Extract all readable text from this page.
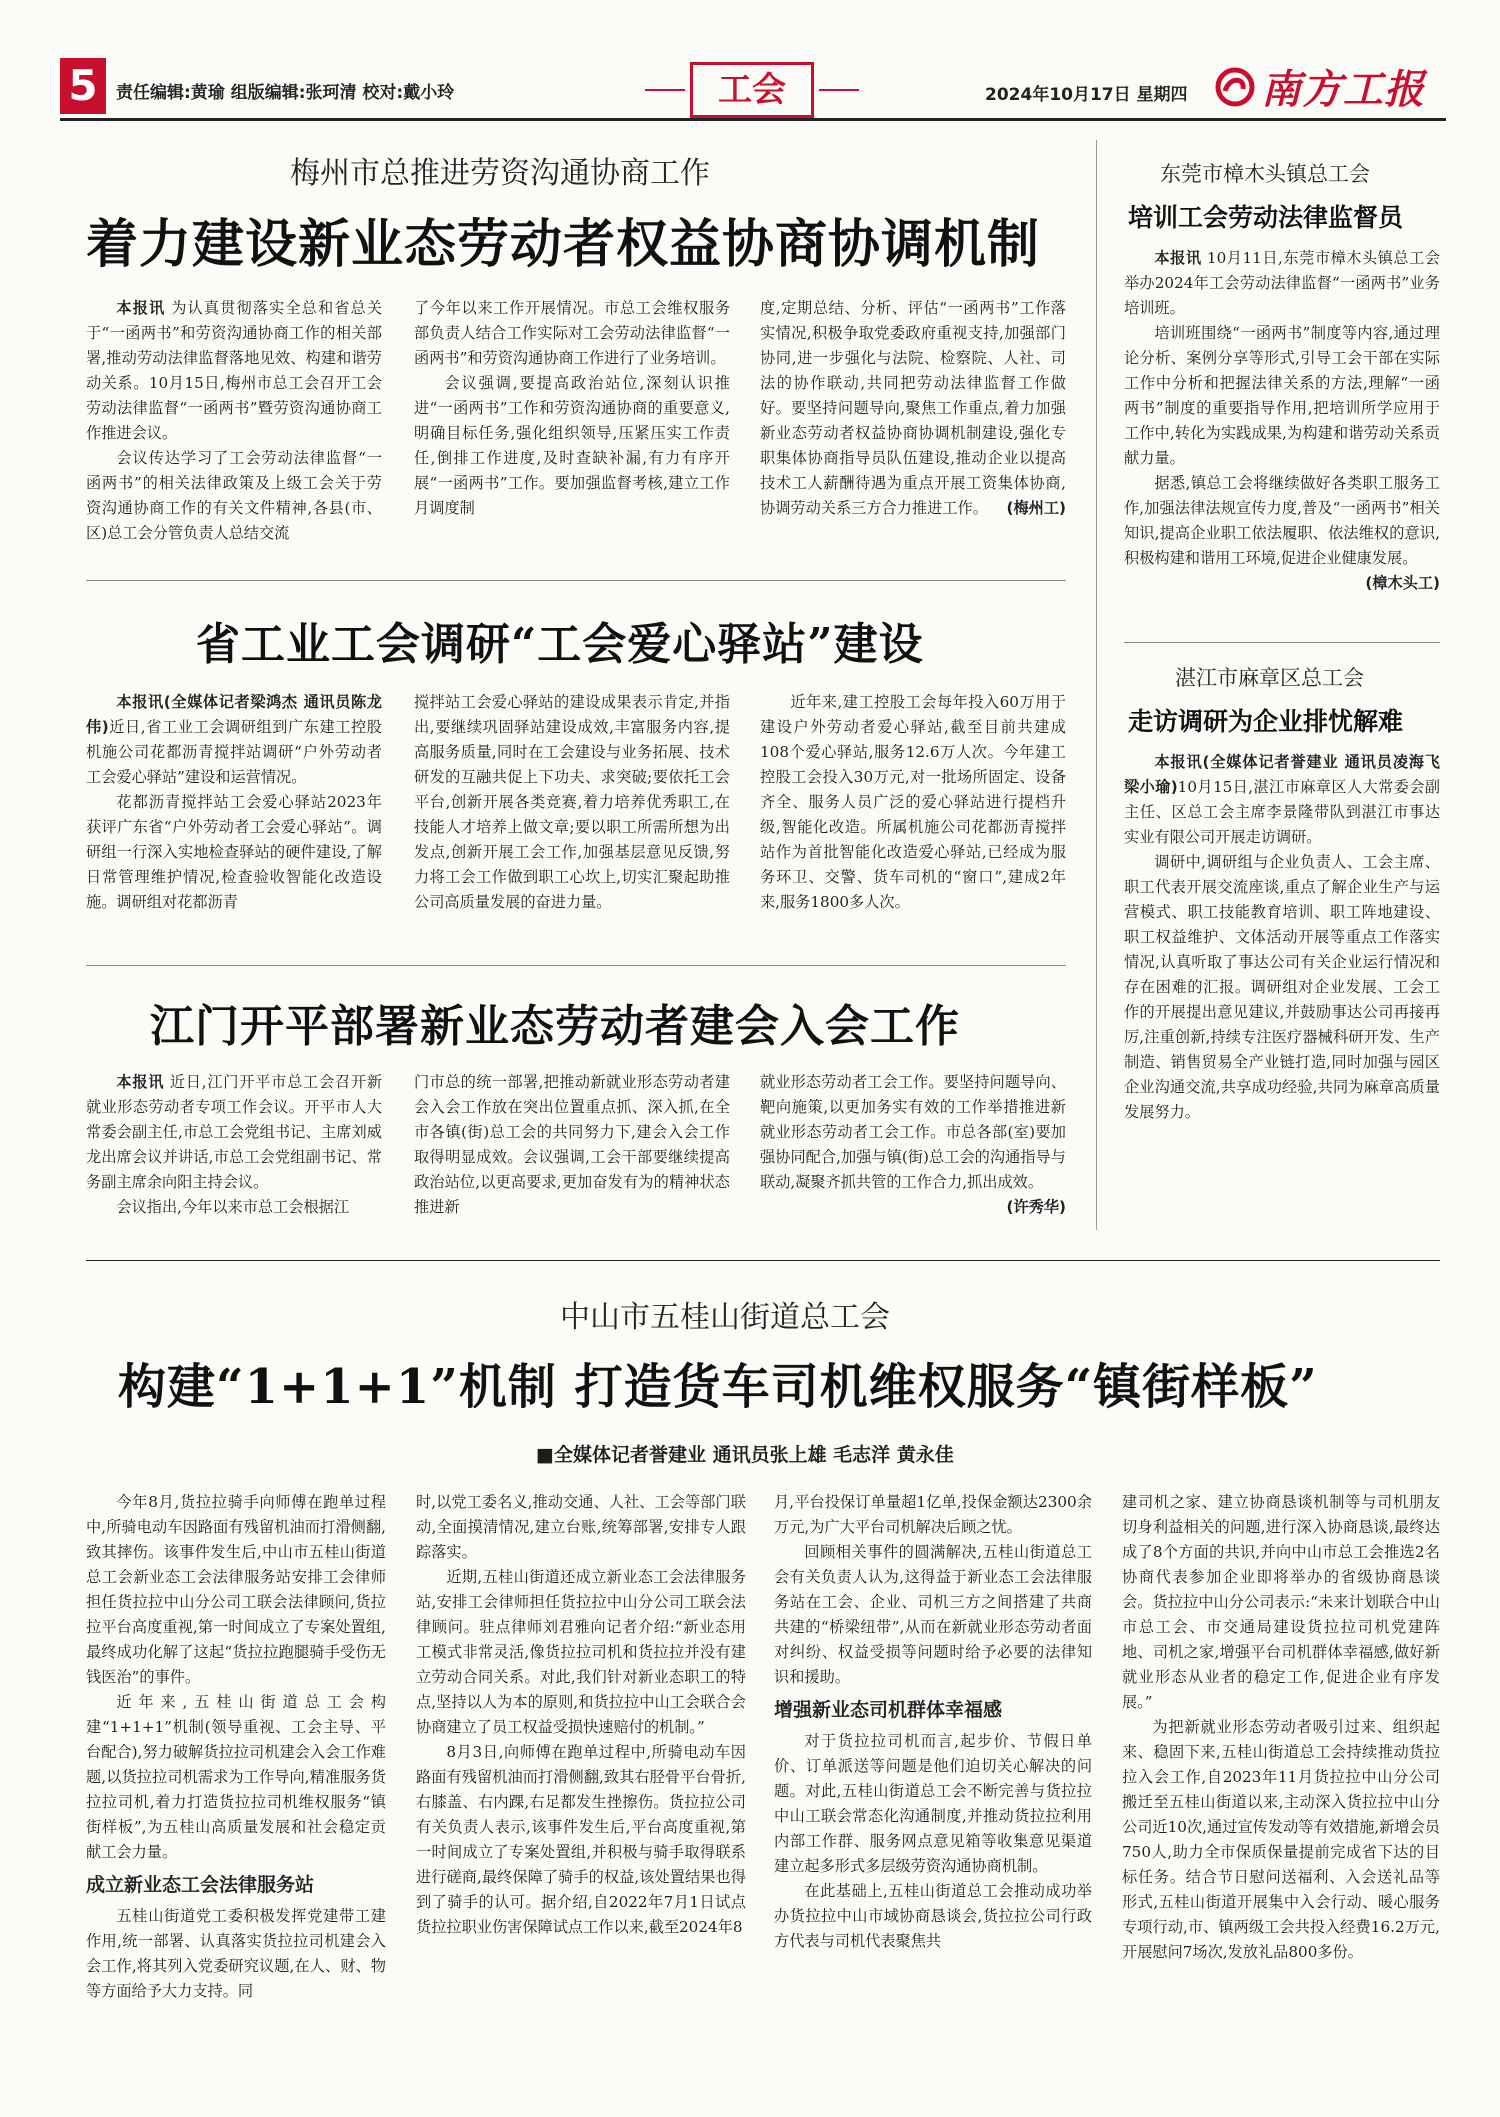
5	责任编辑:黄瑜 组版编辑:张珂清 校对:戴小玲	工会	2024年10月17日 星期四 南方工报
梅州市总推进劳资沟通协商工作
着力建设新业态劳动者权益协商协调机制

本报讯 为认真贯彻落实全总和省总关于“一函两书”和劳资沟通协商工作的相关部署,推动劳动法律监督落地见效、构建和谐劳动关系。10月15日,梅州市总工会召开工会劳动法律监督“一函两书”暨劳资沟通协商工作推进会议。

会议传达学习了工会劳动法律监督“一函两书”的相关法律政策及上级工会关于劳资沟通协商工作的有关文件精神,各县(市、区)总工会分管负责人总结交流

了今年以来工作开展情况。市总工会维权服务部负责人结合工作实际对工会劳动法律监督“一函两书”和劳资沟通协商工作进行了业务培训。

会议强调,要提高政治站位,深刻认识推进“一函两书”工作和劳资沟通协商的重要意义,明确目标任务,强化组织领导,压紧压实工作责任,倒排工作进度,及时查缺补漏,有力有序开展“一函两书”工作。要加强监督考核,建立工作月调度制

度,定期总结、分析、评估“一函两书”工作落实情况,积极争取党委政府重视支持,加强部门协同,进一步强化与法院、检察院、人社、司法的协作联动,共同把劳动法律监督工作做好。要坚持问题导向,聚焦工作重点,着力加强新业态劳动者权益协商协调机制建设,强化专职集体协商指导员队伍建设,推动企业以提高技术工人薪酬待遇为重点开展工资集体协商,协调劳动关系三方合力推进工作。 (梅州工)

省工业工会调研“工会爱心驿站”建设

本报讯(全媒体记者梁鸿杰 通讯员陈龙伟)近日,省工业工会调研组到广东建工控股机施公司花都沥青搅拌站调研“户外劳动者工会爱心驿站”建设和运营情况。

花都沥青搅拌站工会爱心驿站2023年获评广东省“户外劳动者工会爱心驿站”。调研组一行深入实地检查驿站的硬件建设,了解日常管理维护情况,检查验收智能化改造设施。调研组对花都沥青

搅拌站工会爱心驿站的建设成果表示肯定,并指出,要继续巩固驿站建设成效,丰富服务内容,提高服务质量,同时在工会建设与业务拓展、技术研发的互融共促上下功夫、求突破;要依托工会平台,创新开展各类竞赛,着力培养优秀职工,在技能人才培养上做文章;要以职工所需所想为出发点,创新开展工会工作,加强基层意见反馈,努力将工会工作做到职工心坎上,切实汇聚起助推公司高质量发展的奋进力量。

近年来,建工控股工会每年投入60万用于建设户外劳动者爱心驿站,截至目前共建成108个爱心驿站,服务12.6万人次。今年建工控股工会投入30万元,对一批场所固定、设备齐全、服务人员广泛的爱心驿站进行提档升级,智能化改造。所属机施公司花都沥青搅拌站作为首批智能化改造爱心驿站,已经成为服务环卫、交警、货车司机的“窗口”,建成2年来,服务1800多人次。

江门开平部署新业态劳动者建会入会工作

本报讯 近日,江门开平市总工会召开新就业形态劳动者专项工作会议。开平市人大常委会副主任,市总工会党组书记、主席刘威龙出席会议并讲话,市总工会党组副书记、常务副主席余向阳主持会议。

会议指出,今年以来市总工会根据江

门市总的统一部署,把推动新就业形态劳动者建会入会工作放在突出位置重点抓、深入抓,在全市各镇(街)总工会的共同努力下,建会入会工作取得明显成效。会议强调,工会干部要继续提高政治站位,以更高要求,更加奋发有为的精神状态推进新

就业形态劳动者工会工作。要坚持问题导向、靶向施策,以更加务实有效的工作举措推进新就业形态劳动者工会工作。市总各部(室)要加强协同配合,加强与镇(街)总工会的沟通指导与联动,凝聚齐抓共管的工作合力,抓出成效。
(许秀华)

东莞市樟木头镇总工会
培训工会劳动法律监督员

本报讯 10月11日,东莞市樟木头镇总工会举办2024年工会劳动法律监督“一函两书”业务培训班。

培训班围绕“一函两书”制度等内容,通过理论分析、案例分享等形式,引导工会干部在实际工作中分析和把握法律关系的方法,理解“一函两书”制度的重要指导作用,把培训所学应用于工作中,转化为实践成果,为构建和谐劳动关系贡献力量。

据悉,镇总工会将继续做好各类职工服务工作,加强法律法规宣传力度,普及“一函两书”相关知识,提高企业职工依法履职、依法维权的意识,积极构建和谐用工环境,促进企业健康发展。
(樟木头工)

湛江市麻章区总工会
走访调研为企业排忧解难

本报讯(全媒体记者誉建业 通讯员凌海飞 梁小瑜)10月15日,湛江市麻章区人大常委会副主任、区总工会主席李景隆带队到湛江市事达实业有限公司开展走访调研。

调研中,调研组与企业负责人、工会主席、职工代表开展交流座谈,重点了解企业生产与运营模式、职工技能教育培训、职工阵地建设、职工权益维护、文体活动开展等重点工作落实情况,认真听取了事达公司有关企业运行情况和存在困难的汇报。调研组对企业发展、工会工作的开展提出意见建议,并鼓励事达公司再接再厉,注重创新,持续专注医疗器械科研开发、生产制造、销售贸易全产业链打造,同时加强与园区企业沟通交流,共享成功经验,共同为麻章高质量发展努力。

中山市五桂山街道总工会
构建“1+1+1”机制 打造货车司机维权服务“镇街样板”
■全媒体记者誉建业 通讯员张上雄 毛志洋 黄永佳

今年8月,货拉拉骑手向师傅在跑单过程中,所骑电动车因路面有残留机油而打滑侧翻,致其摔伤。该事件发生后,中山市五桂山街道总工会新业态工会法律服务站安排工会律师担任货拉拉中山分公司工联会法律顾问,货拉拉平台高度重视,第一时间成立了专案处置组,最终成功化解了这起“货拉拉跑腿骑手受伤无钱医治”的事件。

近年来,五桂山街道总工会构建“1+1+1”机制(领导重视、工会主导、平台配合),努力破解货拉拉司机建会入会工作难题,以货拉拉司机需求为工作导向,精准服务货拉拉司机,着力打造货拉拉司机维权服务“镇街样板”,为五桂山高质量发展和社会稳定贡献工会力量。

成立新业态工会法律服务站

五桂山街道党工委积极发挥党建带工建作用,统一部署、认真落实货拉拉司机建会入会工作,将其列入党委研究议题,在人、财、物等方面给予大力支持。同

时,以党工委名义,推动交通、人社、工会等部门联动,全面摸清情况,建立台账,统筹部署,安排专人跟踪落实。

近期,五桂山街道还成立新业态工会法律服务站,安排工会律师担任货拉拉中山分公司工联会法律顾问。驻点律师刘君雅向记者介绍:“新业态用工模式非常灵活,像货拉拉司机和货拉拉并没有建立劳动合同关系。对此,我们针对新业态职工的特点,坚持以人为本的原则,和货拉拉中山工会联合会协商建立了员工权益受损快速赔付的机制。”

8月3日,向师傅在跑单过程中,所骑电动车因路面有残留机油而打滑侧翻,致其右胫骨平台骨折,右膝盖、右内踝,右足都发生挫擦伤。货拉拉公司有关负责人表示,该事件发生后,平台高度重视,第一时间成立了专案处置组,并积极与骑手取得联系进行磋商,最终保障了骑手的权益,该处置结果也得到了骑手的认可。据介绍,自2022年7月1日试点货拉拉职业伤害保障试点工作以来,截至2024年8

月,平台投保订单量超1亿单,投保金额达2300余万元,为广大平台司机解决后顾之忧。

回顾相关事件的圆满解决,五桂山街道总工会有关负责人认为,这得益于新业态工会法律服务站在工会、企业、司机三方之间搭建了共商共建的“桥梁纽带”,从而在新就业形态劳动者面对纠纷、权益受损等问题时给予必要的法律知识和援助。

增强新业态司机群体幸福感

对于货拉拉司机而言,起步价、节假日单价、订单派送等问题是他们迫切关心解决的问题。对此,五桂山街道总工会不断完善与货拉拉中山工联会常态化沟通制度,并推动货拉拉利用内部工作群、服务网点意见箱等收集意见渠道建立起多形式多层级劳资沟通协商机制。

在此基础上,五桂山街道总工会推动成功举办货拉拉中山市域协商恳谈会,货拉拉公司行政方代表与司机代表聚焦共

建司机之家、建立协商恳谈机制等与司机朋友切身利益相关的问题,进行深入协商恳谈,最终达成了8个方面的共识,并向中山市总工会推选2名协商代表参加企业即将举办的省级协商恳谈会。货拉拉中山分公司表示:“未来计划联合中山市总工会、市交通局建设货拉拉司机党建阵地、司机之家,增强平台司机群体幸福感,做好新就业形态从业者的稳定工作,促进企业有序发展。”

为把新就业形态劳动者吸引过来、组织起来、稳固下来,五桂山街道总工会持续推动货拉拉入会工作,自2023年11月货拉拉中山分公司搬迁至五桂山街道以来,主动深入货拉拉中山分公司近10次,通过宣传发动等有效措施,新增会员750人,助力全市保质保量提前完成省下达的目标任务。结合节日慰问送福利、入会送礼品等形式,五桂山街道开展集中入会行动、暖心服务专项行动,市、镇两级工会共投入经费16.2万元,开展慰问7场次,发放礼品800多份。
